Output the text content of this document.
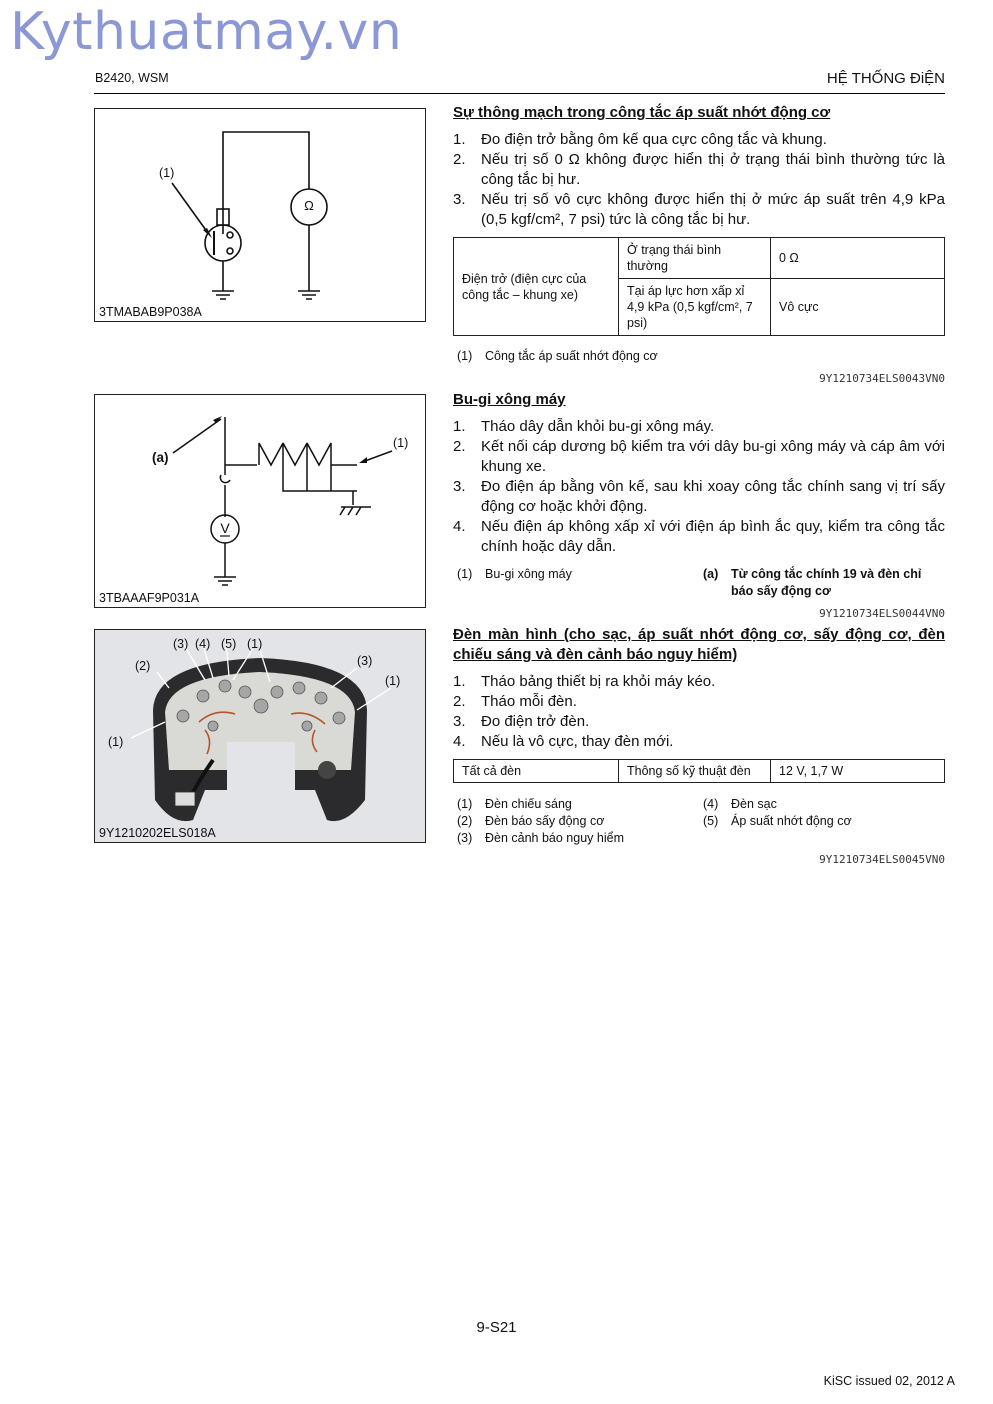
Kythuatmay.vn
B2420, WSM	HỆ THỐNG ĐiỆN
(1)
Ω
3TMABAB9P038A
Sự thông mạch trong công tắc áp suất nhớt động cơ
1. Đo điện trở bằng ôm kế qua cực công tắc và khung.
2. Nếu trị số 0 Ω không được hiển thị ở trạng thái bình thường tức là công tắc bị hư.
3. Nếu trị số vô cực không được hiển thị ở mức áp suất trên 4,9 kPa (0,5 kgf/cm², 7 psi) tức là công tắc bị hư.
Điện trở (điện cực của công tắc – khung xe)	Ở trạng thái bình thường	0 Ω
	Tại áp lực hơn xấp xỉ 4,9 kPa (0,5 kgf/cm², 7 psi)	Vô cực
(1) Công tắc áp suất nhớt động cơ
9Y1210734ELS0043VN0
(a)
(1)
V
3TBAAAF9P031A
Bu-gi xông máy
1. Tháo dây dẫn khỏi bu-gi xông máy.
2. Kết nối cáp dương bộ kiểm tra với dây bu-gi xông máy và cáp âm với khung xe.
3. Đo điện áp bằng vôn kế, sau khi xoay công tắc chính sang vị trí sấy động cơ hoặc khởi động.
4. Nếu điện áp không xấp xỉ với điện áp bình ắc quy, kiểm tra công tắc chính hoặc dây dẫn.
(1) Bu-gi xông máy	(a)	Từ công tắc chính 19 và đèn chỉ báo sấy động cơ
9Y1210734ELS0044VN0
(3) (4) (5) (1)
(2)	(3)
(1)
(1)
9Y1210202ELS018A
Đèn màn hình (cho sạc, áp suất nhớt động cơ, sấy động cơ, đèn chiếu sáng và đèn cảnh báo nguy hiểm)
1. Tháo bảng thiết bị ra khỏi máy kéo.
2. Tháo mỗi đèn.
3. Đo điện trở đèn.
4. Nếu là vô cực, thay đèn mới.
Tất cả đèn	Thông số kỹ thuật đèn	12 V, 1,7 W
(1) Đèn chiếu sáng
(2) Đèn báo sấy động cơ
(3) Đèn cảnh báo nguy hiểm
(4) Đèn sạc
(5) Áp suất nhớt động cơ
9Y1210734ELS0045VN0
9-S21
KiSC issued 02, 2012 A
